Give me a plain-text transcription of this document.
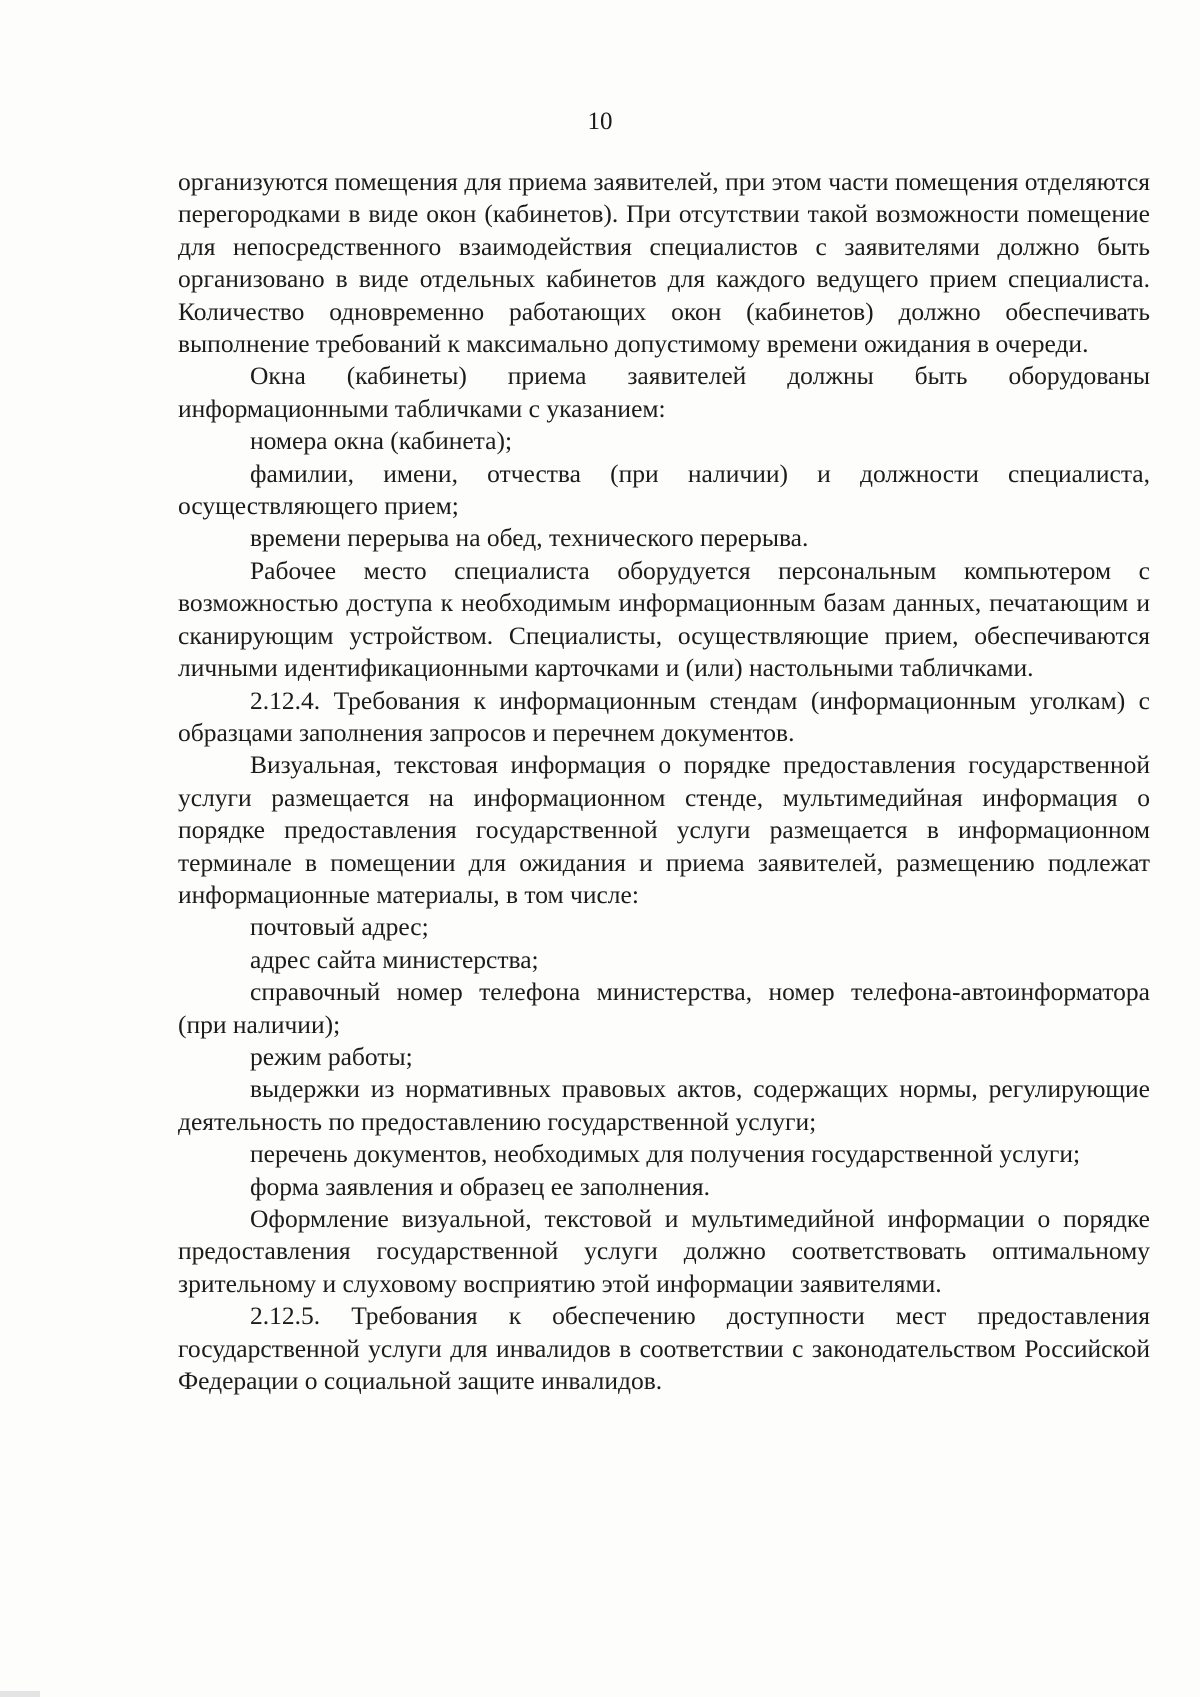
10

организуются помещения для приема заявителей, при этом части помещения отделяются перегородками в виде окон (кабинетов). При отсутствии такой возможности помещение для непосредственного взаимодействия специалистов с заявителями должно быть организовано в виде отдельных кабинетов для каждого ведущего прием специалиста. Количество одновременно работающих окон (кабинетов) должно обеспечивать выполнение требований к максимально допустимому времени ожидания в очереди.

Окна (кабинеты) приема заявителей должны быть оборудованы информационными табличками с указанием:

номера окна (кабинета);

фамилии, имени, отчества (при наличии) и должности специалиста, осуществляющего прием;

времени перерыва на обед, технического перерыва.

Рабочее место специалиста оборудуется персональным компьютером с возможностью доступа к необходимым информационным базам данных, печатающим и сканирующим устройством. Специалисты, осуществляющие прием, обеспечиваются личными идентификационными карточками и (или) настольными табличками.

2.12.4. Требования к информационным стендам (информационным уголкам) с образцами заполнения запросов и перечнем документов.

Визуальная, текстовая информация о порядке предоставления государственной услуги размещается на информационном стенде, мультимедийная информация о порядке предоставления государственной услуги размещается в информационном терминале в помещении для ожидания и приема заявителей, размещению подлежат информационные материалы, в том числе:

почтовый адрес;

адрес сайта министерства;

справочный номер телефона министерства, номер телефона-автоинформатора (при наличии);

режим работы;

выдержки из нормативных правовых актов, содержащих нормы, регулирующие деятельность по предоставлению государственной услуги;

перечень документов, необходимых для получения государственной услуги;

форма заявления и образец ее заполнения.

Оформление визуальной, текстовой и мультимедийной информации о порядке предоставления государственной услуги должно соответствовать оптимальному зрительному и слуховому восприятию этой информации заявителями.

2.12.5. Требования к обеспечению доступности мест предоставления государственной услуги для инвалидов в соответствии с законодательством Российской Федерации о социальной защите инвалидов.
